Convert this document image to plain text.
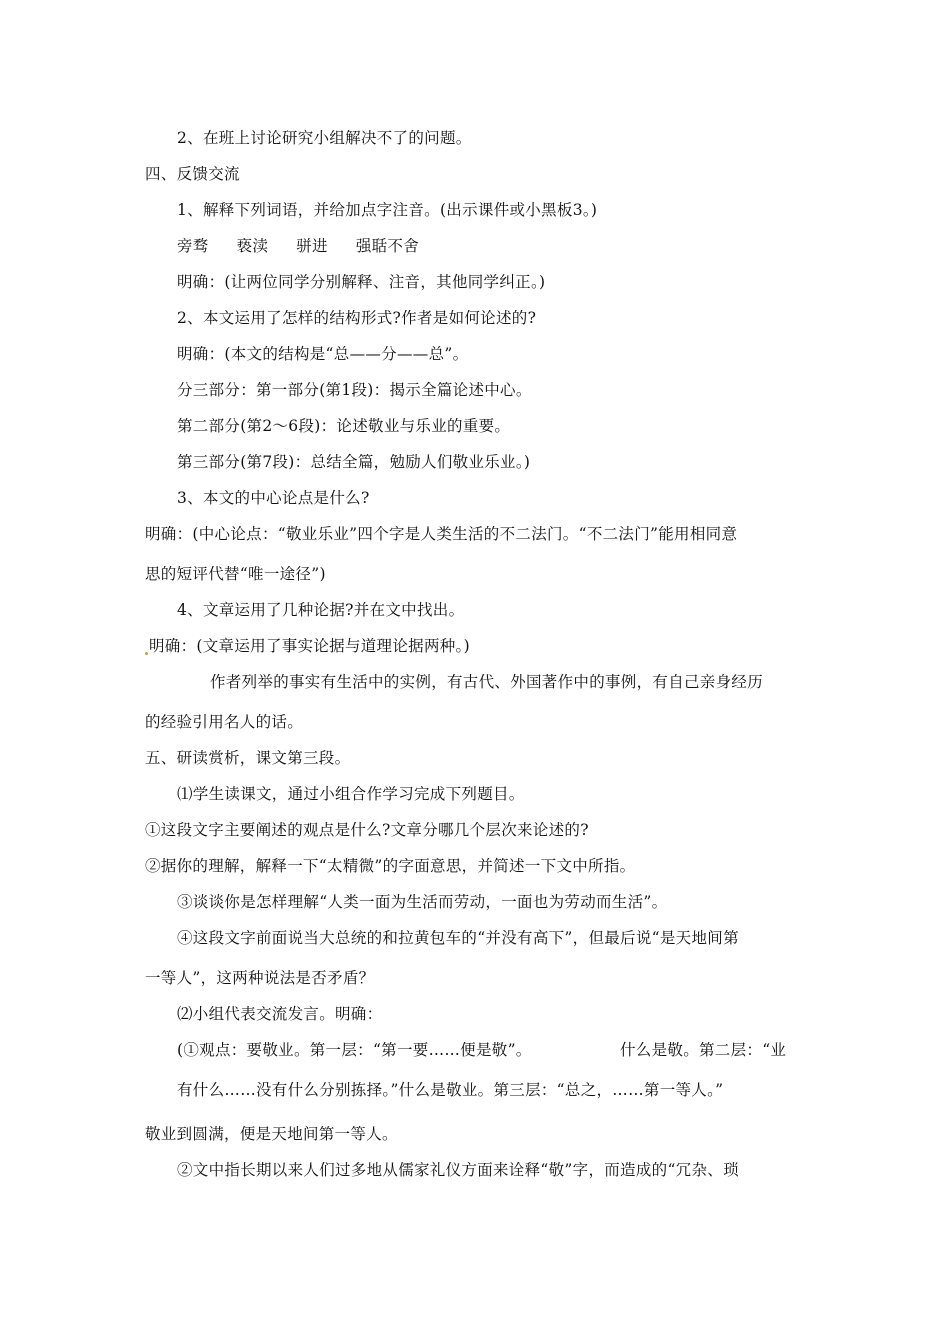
2、在班上讨论研究小组解决不了的问题。
四、反馈交流
1、解释下列词语，并给加点字注音。(出示课件或小黑板3。)
旁骛 亵渎 骈进 强聒不舍
明确：(让两位同学分别解释、注音，其他同学纠正。)
2、本文运用了怎样的结构形式?作者是如何论述的?
明确：(本文的结构是“总——分——总”。
分三部分：第一部分(第1段)：揭示全篇论述中心。
第二部分(第2～6段)：论述敬业与乐业的重要。
第三部分(第7段)：总结全篇，勉励人们敬业乐业。)
3、本文的中心论点是什么?
明确：(中心论点：“敬业乐业”四个字是人类生活的不二法门。“不二法门”能用相同意
思的短评代替“唯一途径”)
4、文章运用了几种论据?并在文中找出。
明确：(文章运用了事实论据与道理论据两种。)
作者列举的事实有生活中的实例，有古代、外国著作中的事例，有自己亲身经历
的经验引用名人的话。
五、研读赏析，课文第三段。
⑴学生读课文，通过小组合作学习完成下列题目。
①这段文字主要阐述的观点是什么?文章分哪几个层次来论述的?
②据你的理解，解释一下“太精微”的字面意思，并简述一下文中所指。
③谈谈你是怎样理解“人类一面为生活而劳动，一面也为劳动而生活”。
④这段文字前面说当大总统的和拉黄包车的“并没有高下”，但最后说“是天地间第
一等人”，这两种说法是否矛盾？
⑵小组代表交流发言。明确：
(①观点：要敬业。第一层：“第一要……便是敬”。	什么是敬。第二层：“业
有什么……没有什么分别拣择。”什么是敬业。第三层：“总之，……第一等人。”
敬业到圆满，便是天地间第一等人。
②文中指长期以来人们过多地从儒家礼仪方面来诠释“敬”字，而造成的“冗杂、琐
